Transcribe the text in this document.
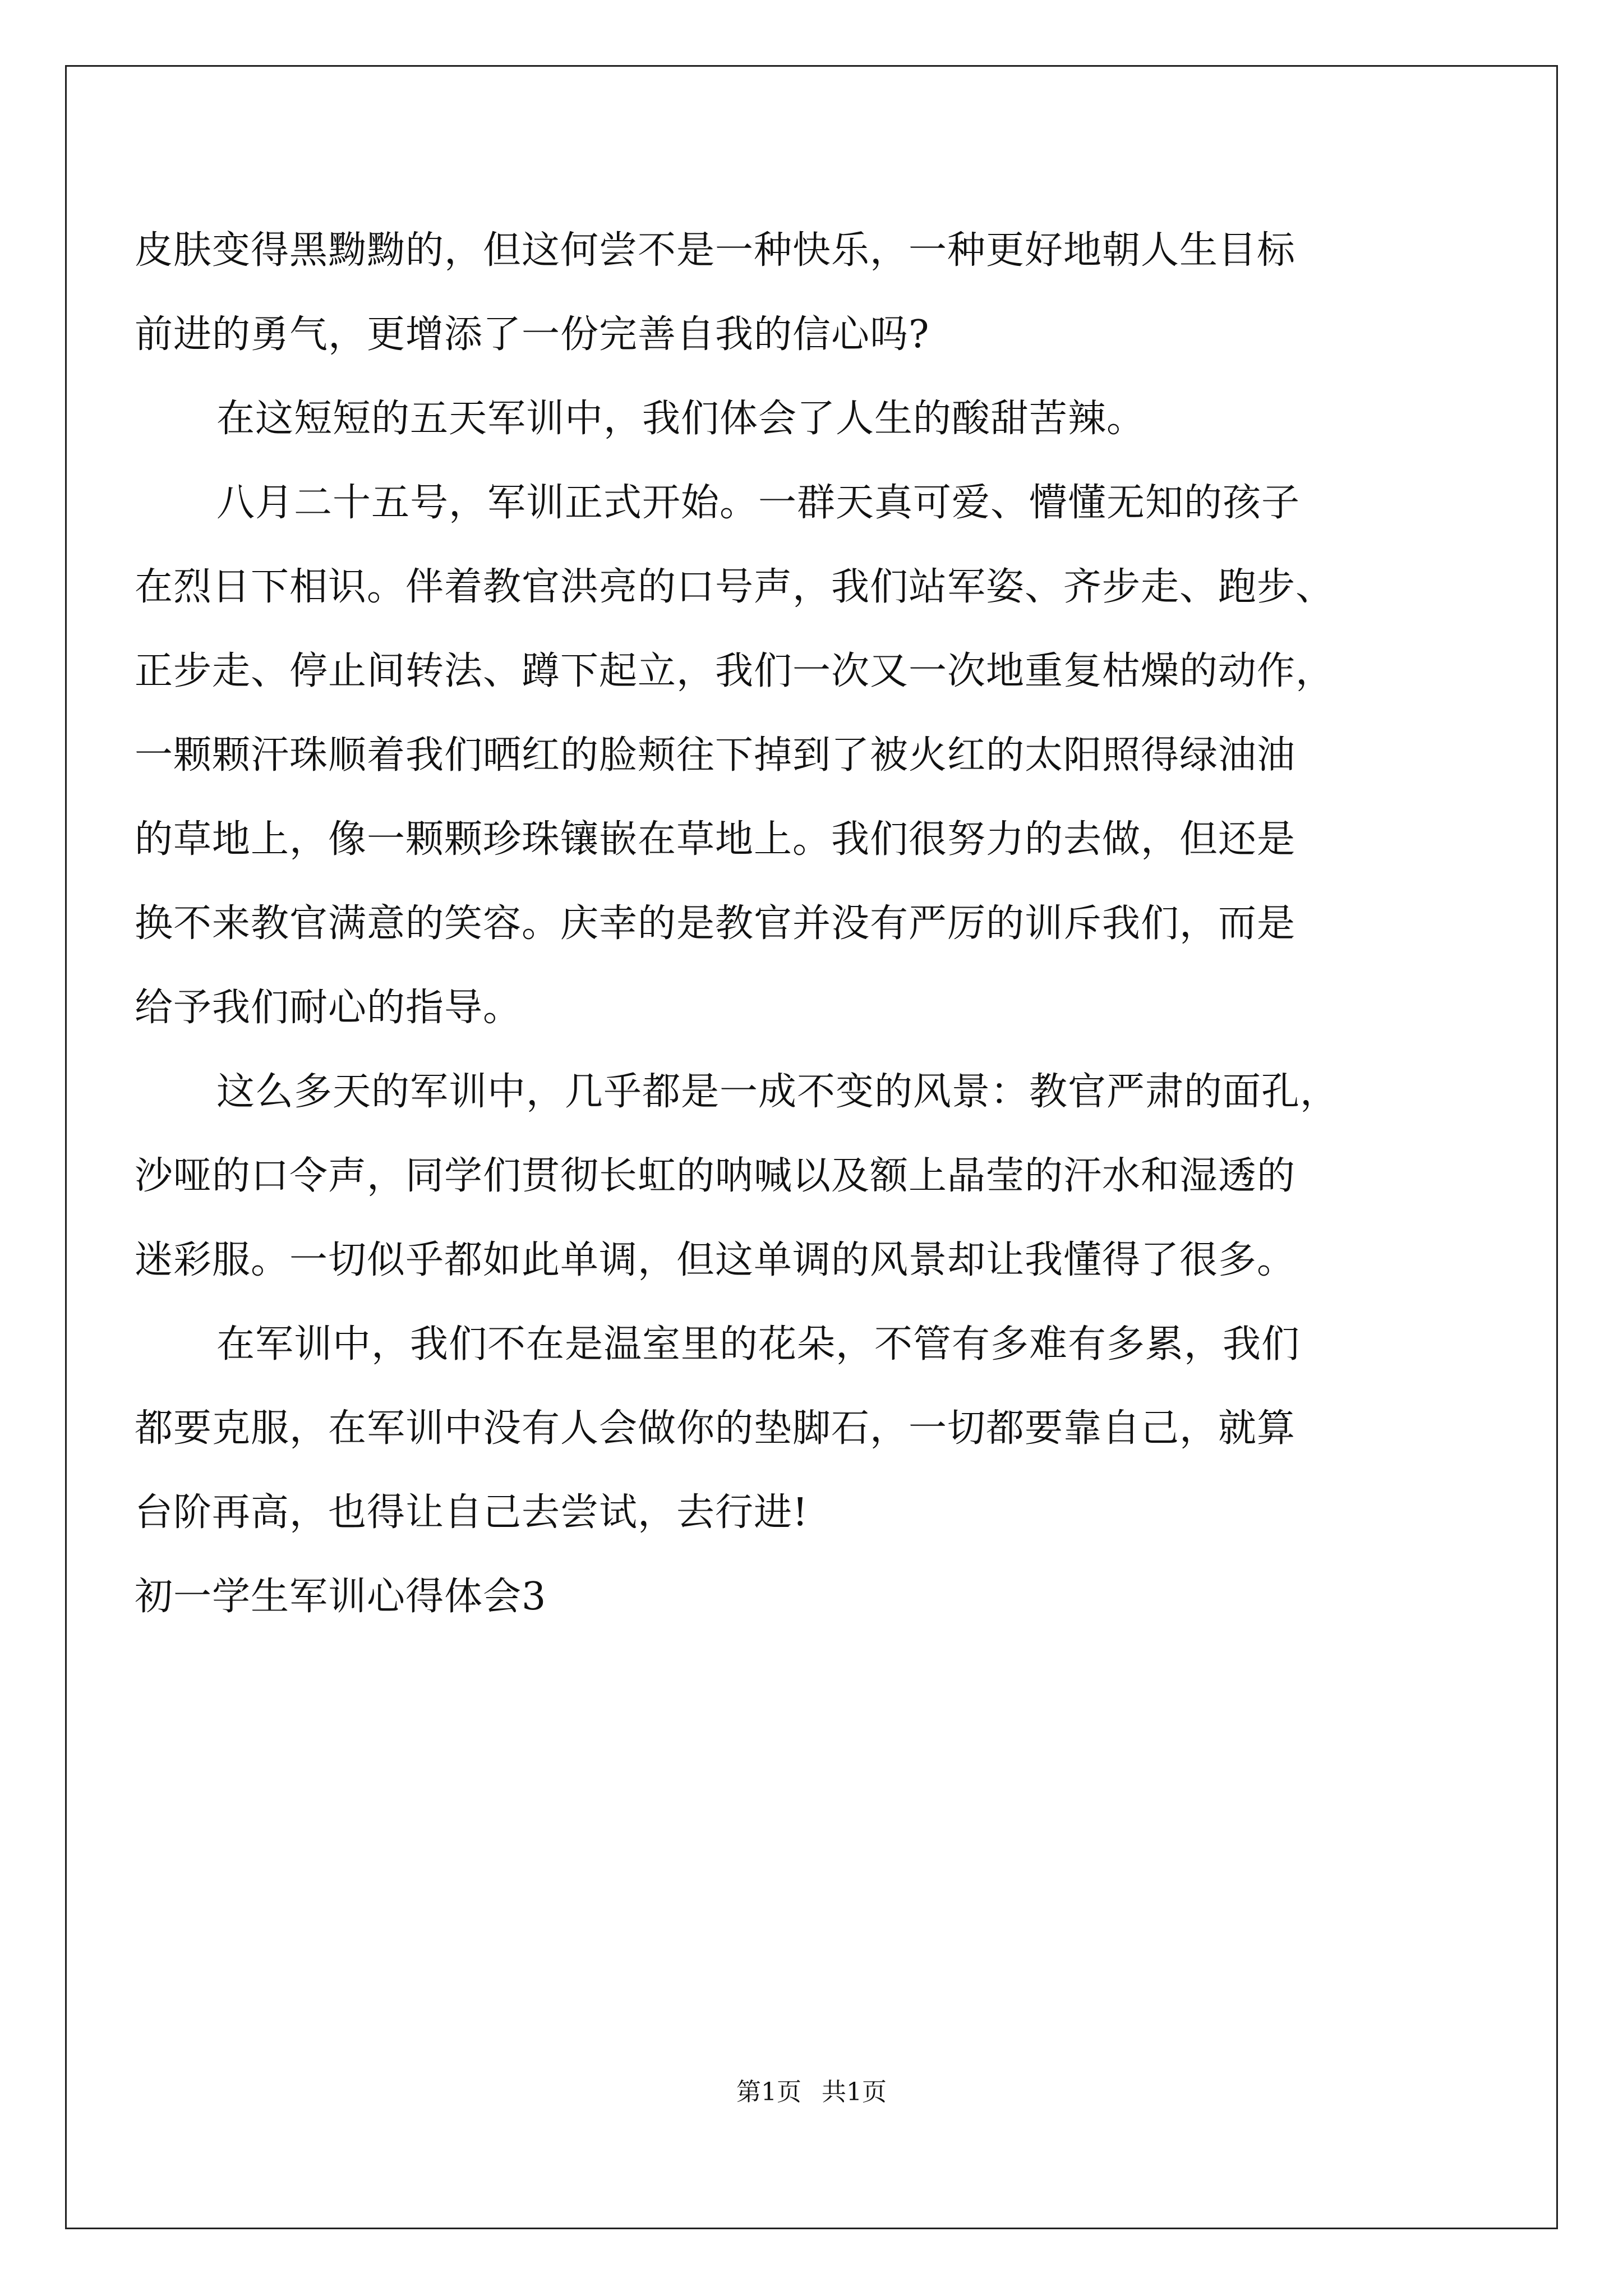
皮肤变得黑黝黝的，但这何尝不是一种快乐，一种更好地朝人生目标
前进的勇气，更增添了一份完善自我的信心吗?
在这短短的五天军训中，我们体会了人生的酸甜苦辣。
八月二十五号，军训正式开始。一群天真可爱、懵懂无知的孩子
在烈日下相识。伴着教官洪亮的口号声，我们站军姿、齐步走、跑步、
正步走、停止间转法、蹲下起立，我们一次又一次地重复枯燥的动作，
一颗颗汗珠顺着我们晒红的脸颊往下掉到了被火红的太阳照得绿油油
的草地上，像一颗颗珍珠镶嵌在草地上。我们很努力的去做，但还是
换不来教官满意的笑容。庆幸的是教官并没有严厉的训斥我们，而是
给予我们耐心的指导。
这么多天的军训中，几乎都是一成不变的风景：教官严肃的面孔，
沙哑的口令声，同学们贯彻长虹的呐喊以及额上晶莹的汗水和湿透的
迷彩服。一切似乎都如此单调，但这单调的风景却让我懂得了很多。
在军训中，我们不在是温室里的花朵，不管有多难有多累，我们
都要克服，在军训中没有人会做你的垫脚石，一切都要靠自己，就算
台阶再高，也得让自己去尝试，去行进!
初一学生军训心得体会3
第1页 共1页
